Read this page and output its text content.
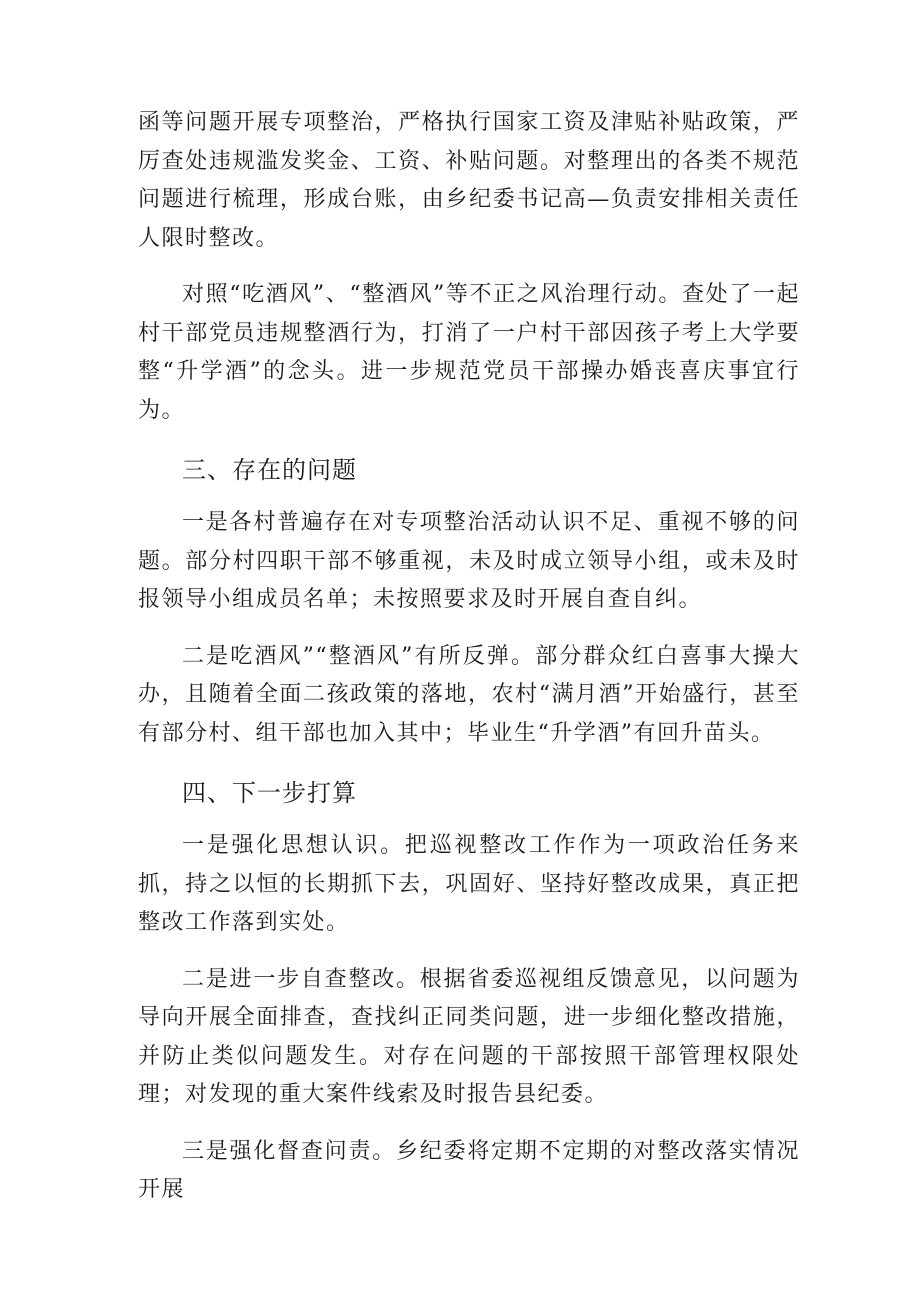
函等问题开展专项整治，严格执行国家工资及津贴补贴政策，严厉查处违规滥发奖金、工资、补贴问题。对整理出的各类不规范问题进行梳理，形成台账，由乡纪委书记高—负责安排相关责任人限时整改。

对照“吃酒风”、“整酒风”等不正之风治理行动。查处了一起村干部党员违规整酒行为，打消了一户村干部因孩子考上大学要整“升学酒”的念头。进一步规范党员干部操办婚丧喜庆事宜行为。

三、存在的问题

一是各村普遍存在对专项整治活动认识不足、重视不够的问题。部分村四职干部不够重视，未及时成立领导小组，或未及时报领导小组成员名单；未按照要求及时开展自查自纠。

二是吃酒风”“整酒风”有所反弹。部分群众红白喜事大操大办，且随着全面二孩政策的落地，农村“满月酒”开始盛行，甚至有部分村、组干部也加入其中；毕业生“升学酒”有回升苗头。

四、下一步打算

一是强化思想认识。把巡视整改工作作为一项政治任务来抓，持之以恒的长期抓下去，巩固好、坚持好整改成果，真正把整改工作落到实处。

二是进一步自查整改。根据省委巡视组反馈意见，以问题为导向开展全面排查，查找纠正同类问题，进一步细化整改措施，并防止类似问题发生。对存在问题的干部按照干部管理权限处理；对发现的重大案件线索及时报告县纪委。

三是强化督查问责。乡纪委将定期不定期的对整改落实情况开展
